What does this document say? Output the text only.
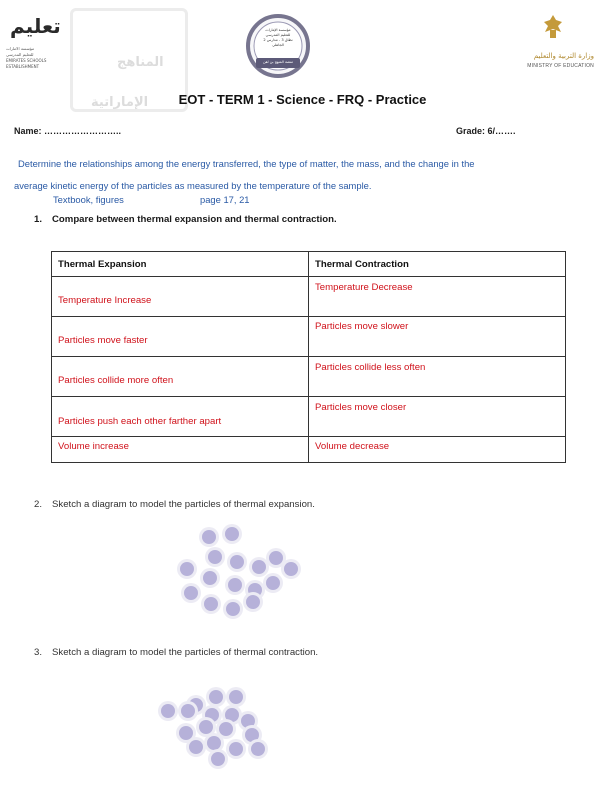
تعليم
مؤسسة الامارات
للتعليم المدرسي
EMIRATES SCHOOLS
ESTABLISHMENT	المناهج
الإماراتية
مؤسسة الإمارات
للتعليم المدرسي
نطاق 3 - مدارس 2
الجاهلي
منصة المنهج بن لقن
وزارة التربية والتعليم
MINISTRY OF EDUCATION
EOT - TERM 1 - Science - FRQ - Practice
Name: ……………………..	Grade: 6/…….
Determine the relationships among the energy transferred, the type of matter, the mass, and the change in the
average kinetic energy of the particles as measured by the temperature of the sample.
Textbook, figures	page 17, 21
1. Compare between thermal expansion and thermal contraction.
Thermal Expansion	Thermal Contraction

Temperature Increase	Temperature Decrease

Particles move faster	Particles move slower

Particles collide more often	Particles collide less often

Particles push each other farther apart	Particles move closer

Volume increase	Volume decrease
2. Sketch a diagram to model the particles of thermal expansion.
3. Sketch a diagram to model the particles of thermal contraction.
